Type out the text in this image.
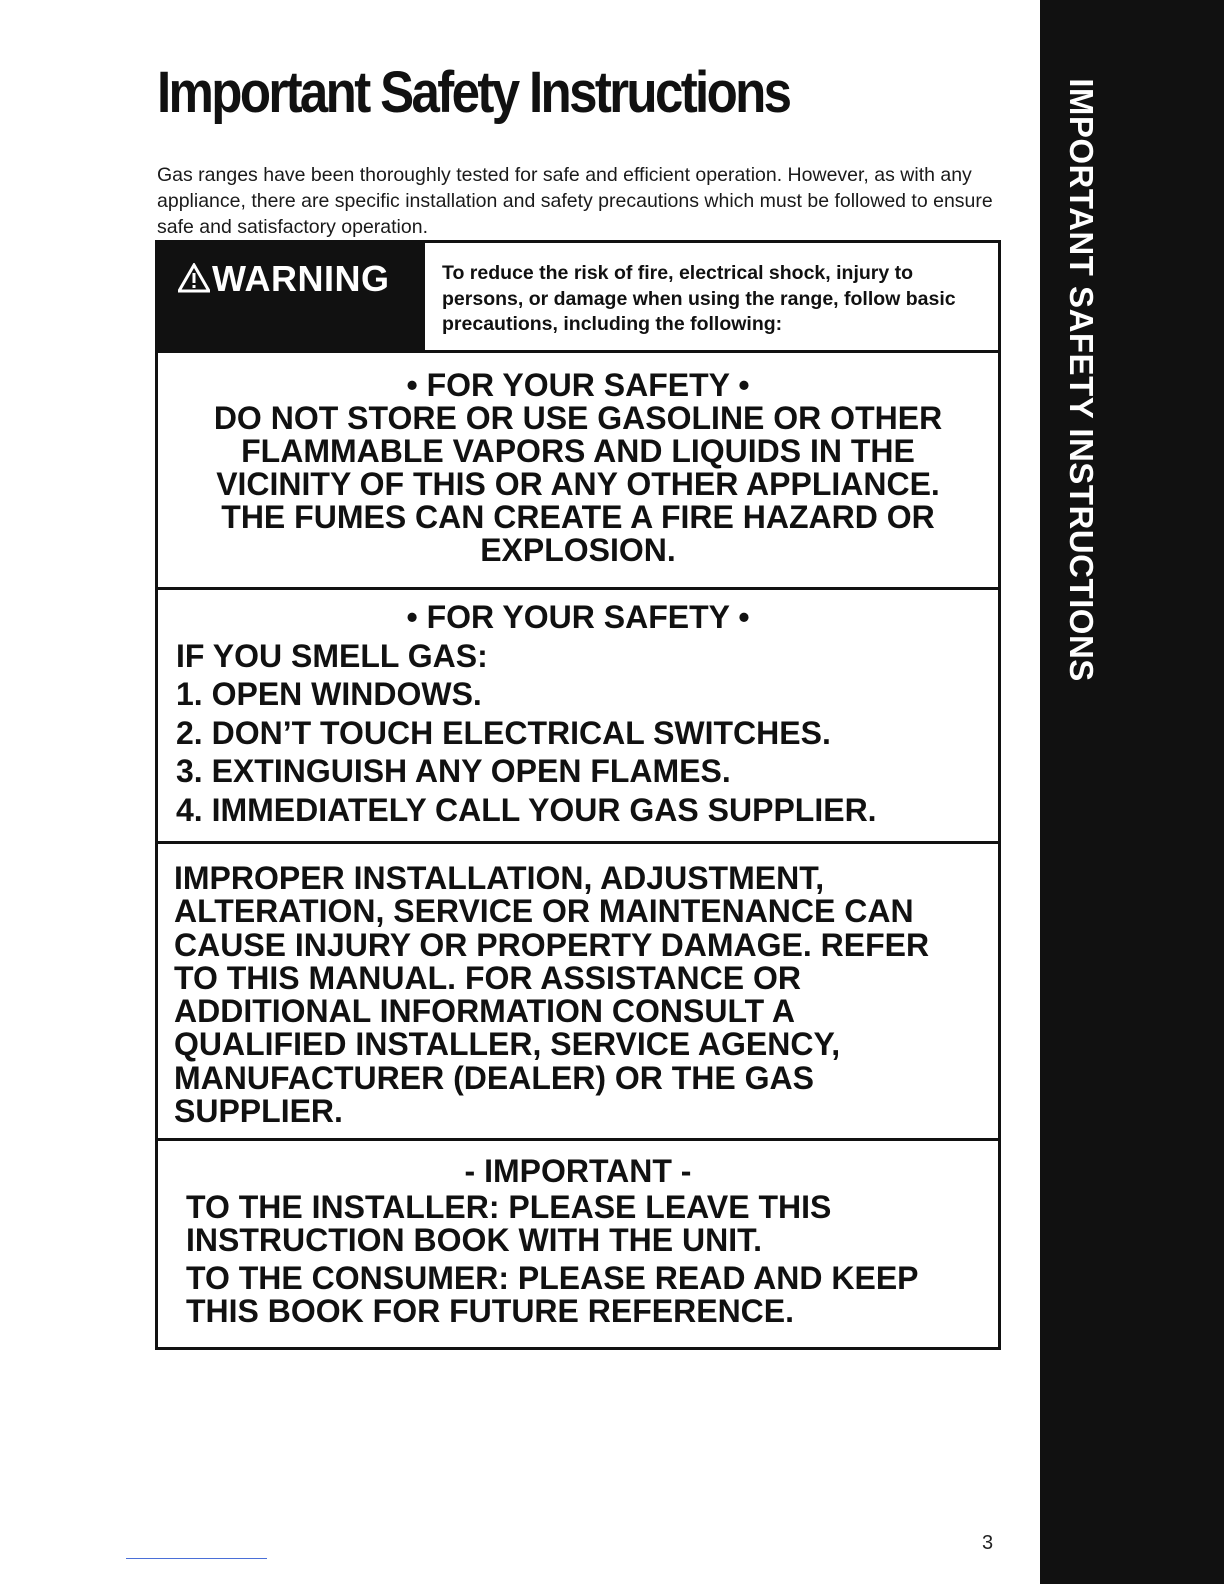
Important Safety Instructions

Gas ranges have been thoroughly tested for safe and efficient operation. However, as with any appliance, there are specific installation and safety precautions which must be followed to ensure safe and satisfactory operation.	IMPORTANT SAFETY INSTRUCTIONS
WARNING	To reduce the risk of fire, electrical shock, injury to persons, or damage when using the range, follow basic precautions, including the following:

• FOR YOUR SAFETY •
DO NOT STORE OR USE GASOLINE OR OTHER
FLAMMABLE VAPORS AND LIQUIDS IN THE
VICINITY OF THIS OR ANY OTHER APPLIANCE.
THE FUMES CAN CREATE A FIRE HAZARD OR
EXPLOSION.
• FOR YOUR SAFETY •
IF YOU SMELL GAS:
1. OPEN WINDOWS.
2. DON’T TOUCH ELECTRICAL SWITCHES.
3. EXTINGUISH ANY OPEN FLAMES.
4. IMMEDIATELY CALL YOUR GAS SUPPLIER.
IMPROPER INSTALLATION, ADJUSTMENT,
ALTERATION, SERVICE OR MAINTENANCE CAN
CAUSE INJURY OR PROPERTY DAMAGE. REFER
TO THIS MANUAL. FOR ASSISTANCE OR
ADDITIONAL INFORMATION CONSULT A
QUALIFIED INSTALLER, SERVICE AGENCY,
MANUFACTURER (DEALER) OR THE GAS
SUPPLIER.
- IMPORTANT -
TO THE INSTALLER: PLEASE LEAVE THIS
INSTRUCTION BOOK WITH THE UNIT.
TO THE CONSUMER: PLEASE READ AND KEEP
THIS BOOK FOR FUTURE REFERENCE.
3
